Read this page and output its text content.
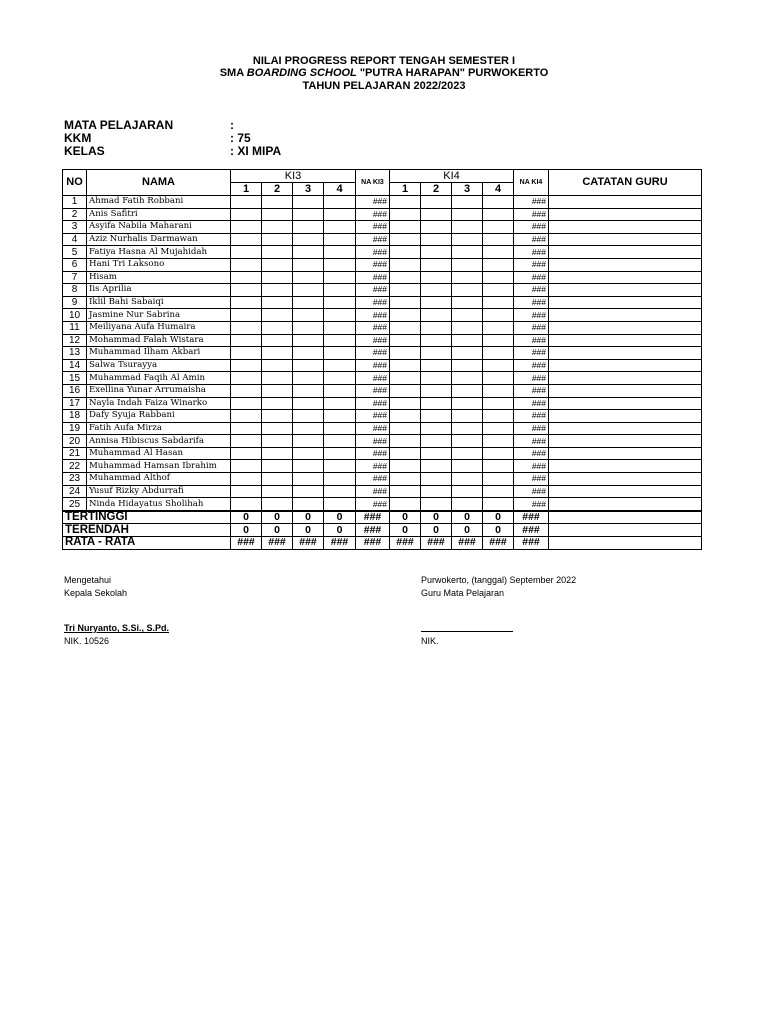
NILAI PROGRESS REPORT TENGAH SEMESTER I
SMA BOARDING SCHOOL "PUTRA HARAPAN" PURWOKERTO
TAHUN PELAJARAN 2022/2023
MATA PELAJARAN	:
KKM	: 75
KELAS	: XI MIPA
NO	NAMA	KI3				NA KI3	KI4				NA KI4	CATATAN GURU
		1	2	3	4		1	2	3	4		
1	Ahmad Fatih Robbani					###					###	
2	Anis Safitri					###					###	
3	Asyifa Nabila Maharani					###					###	
4	Aziz Nurhalis Darmawan					###					###	
5	Fatiya Hasna Al Mujahidah					###					###	
6	Hani Tri Laksono					###					###	
7	Hisam					###					###	
8	Iis Aprilia					###					###	
9	Iklil Bahi Sabaiqi					###					###	
10	Jasmine Nur Sabrina					###					###	
11	Meiliyana Aufa Humaira					###					###	
12	Mohammad Falah Wistara					###					###	
13	Muhammad Ilham Akbari					###					###	
14	Salwa Tsurayya					###					###	
15	Muhammad Faqih Al Amin					###					###	
16	Exellina Yunar Arrumaisha					###					###	
17	Nayla Indah Faiza Winarko					###					###	
18	Dafy Syuja Rabbani					###					###	
19	Fatih Aufa Mirza					###					###	
20	Annisa Hibiscus Sabdarifa					###					###	
21	Muhammad Al Hasan					###					###	
22	Muhammad Hamsan Ibrahim					###					###	
23	Muhammad Althof					###					###	
24	Yusuf Rizky Abdurrafi					###					###	
25	Ninda Hidayatus Sholihah					###					###	
TERTINGGI		0	0	0	0	###	0	0	0	0	###	
TERENDAH		0	0	0	0	###	0	0	0	0	###	
RATA - RATA		###	###	###	###	###	###	###	###	###	###	
Mengetahui
Kepala Sekolah
Tri Nuryanto, S.Si., S.Pd.
NIK. 10526
Purwokerto, (tanggal) September 2022
Guru Mata Pelajaran
NIK.
